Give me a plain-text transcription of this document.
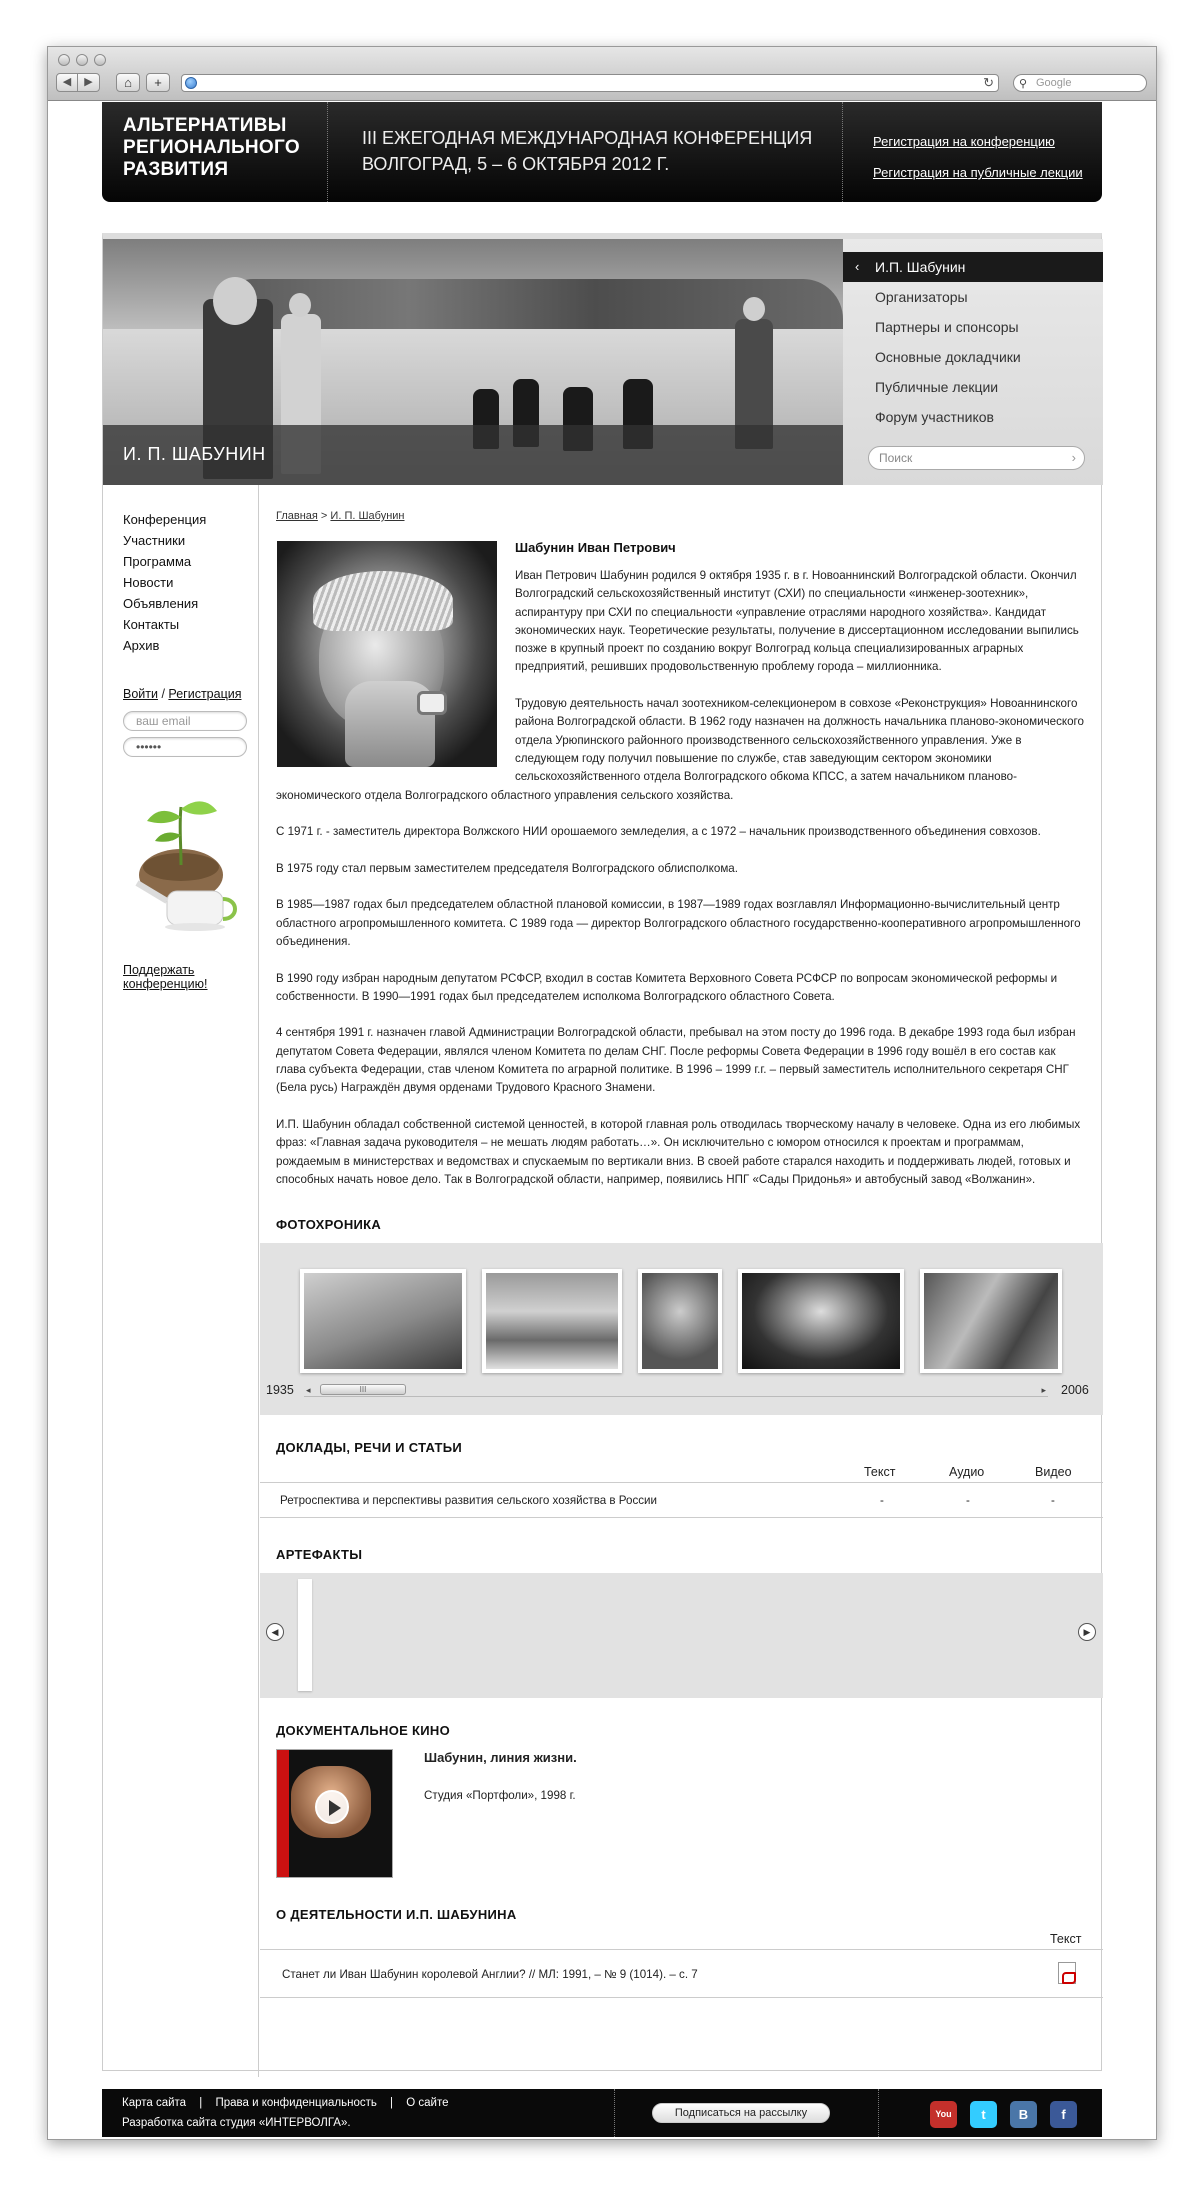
◀	▶	⌂	+	↻ ⚲ Google
АЛЬТЕРНАТИВЫ
РЕГИОНАЛЬНОГО
РАЗВИТИЯ
III ЕЖЕГОДНАЯ МЕЖДУНАРОДНАЯ КОНФЕРЕНЦИЯ
ВОЛГОГРАД, 5 – 6 ОКТЯБРЯ 2012 Г.
Регистрация на конференцию
Регистрация на публичные лекции
И. П. ШАБУНИН
‹ И.П. Шабунин
Организаторы
Партнеры и спонсоры
Основные докладчики
Публичные лекции
Форум участников
Поиск	›
Конференция
Участники
Программа
Новости
Объявления
Контакты
Архив
Войти / Регистрация
ваш email
••••••
Поддержать
конференцию!
Главная > И. П. Шабунин
Шабунин Иван Петрович

Иван Петрович Шабунин родился 9 октября 1935 г. в г. Новоаннинский Волгоградской области. Окончил Волгоградский сельскохозяйственный институт (СХИ) по специальности «инженер-зоотехник», аспирантуру при СХИ по специальности «управление отраслями народного хозяйства». Кандидат экономических наук. Теоретические результаты, получение в диссертационном исследовании выпились позже в крупный проект по созданию вокруг Волгоград кольца специализированных аграрных предприятий, решивших продовольственную проблему города – миллионника.

Трудовую деятельность начал зоотехником-селекционером в совхозе «Реконструкция» Новоаннинского района Волгоградской области. В 1962 году назначен на должность начальника планово-экономического отдела Урюпинского районного производственного сельскохозяйственного управления. Уже в следующем году получил повышение по службе, став заведующим сектором экономики сельскохозяйственного отдела Волгоградского обкома КПСС, а затем начальником планово-экономического отдела Волгоградского областного управления сельского хозяйства.

С 1971 г. - заместитель директора Волжского НИИ орошаемого земледелия, а с 1972 – начальник производственного объединения совхозов.

В 1975 году стал первым заместителем председателя Волгоградского облисполкома.

В 1985—1987 годах был председателем областной плановой комиссии, в 1987—1989 годах возглавлял Информационно-вычислительный центр областного агропромышленного комитета. С 1989 года — директор Волгоградского областного государственно-кооперативного агропромышленного объединения.

В 1990 году избран народным депутатом РСФСР, входил в состав Комитета Верховного Совета РСФСР по вопросам экономической реформы и собственности. В 1990—1991 годах был председателем исполкома Волгоградского областного Совета.

4 сентября 1991 г. назначен главой Администрации Волгоградской области, пребывал на этом посту до 1996 года. В декабре 1993 года был избран депутатом Совета Федерации, являлся членом Комитета по делам СНГ. После реформы Совета Федерации в 1996 году вошёл в его состав как глава субъекта Федерации, став членом Комитета по аграрной политике. В 1996 – 1999 г.г. – первый заместитель исполнительного секретаря СНГ (Бела русь) Награждён двумя орденами Трудового Красного Знамени.

И.П. Шабунин обладал собственной системой ценностей, в которой главная роль отводилась творческому началу в человеке. Одна из его любимых фраз: «Главная задача руководителя – не мешать людям работать…». Он исключительно с юмором относился к проектам и программам, рождаемым в министерствах и ведомствах и спускаемым по вертикали вниз. В своей работе старался находить и поддерживать людей, готовых и способных начать новое дело. Так в Волгоградской области, например, появились НПГ «Сады Придонья» и автобусный завод «Волжанин».

ФОТОХРОНИКА
1935 ◂	III	▸ 2006
ДОКЛАДЫ, РЕЧИ И СТАТЬИ
Текст	Аудио	Видео
Ретроспектива и перспективы развития сельского хозяйства в России	-	-	-
АРТЕФАКТЫ
◀	▶
ДОКУМЕНТАЛЬНОЕ КИНО
Шабунин, линия жизни.
Студия «Портфоли», 1998 г.
О ДЕЯТЕЛЬНОСТИ И.П. ШАБУНИНА
Текст
Станет ли Иван Шабунин королевой Англии? // МЛ: 1991, – № 9 (1014). – с. 7
Карта сайта | Права и конфиденциальность | О сайте
Разработка сайта студия «ИНТЕРВОЛГА».
Подписаться на рассылку	You	t	B	f
